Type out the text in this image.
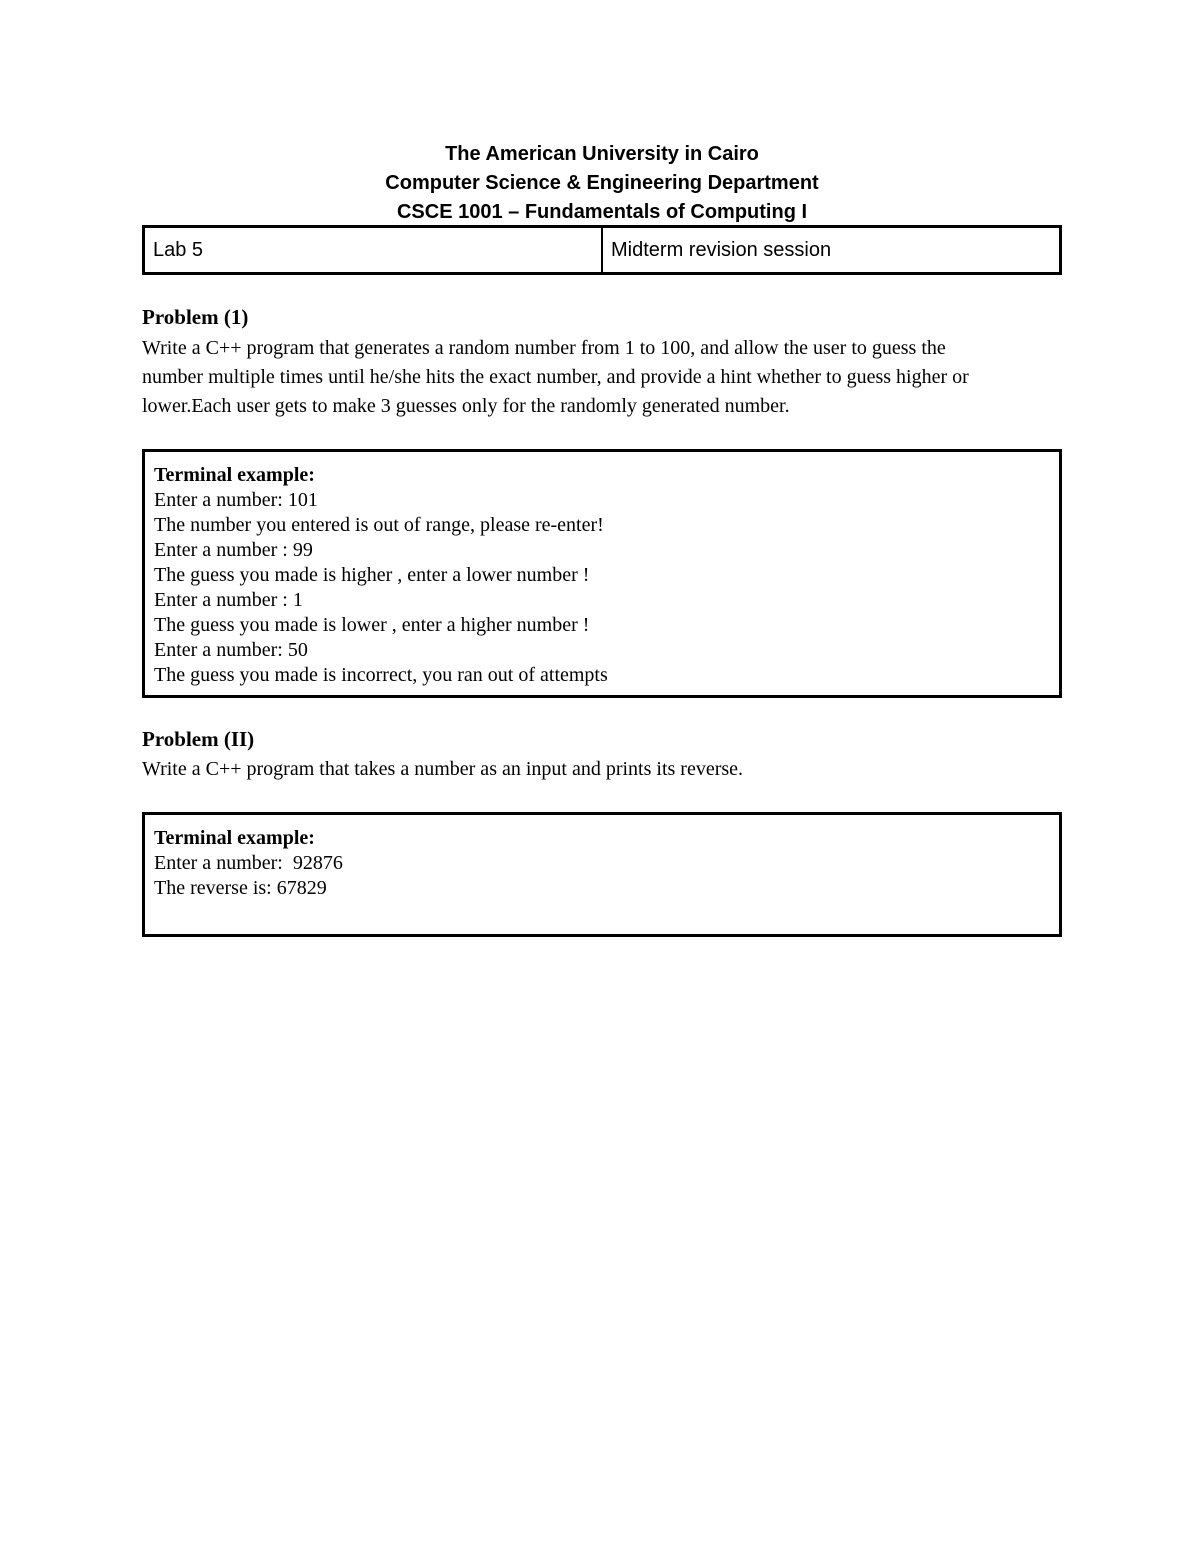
The American University in Cairo
Computer Science & Engineering Department
CSCE 1001 – Fundamentals of Computing I
Lab 5	Midterm revision session
Problem (1)
Write a C++ program that generates a random number from 1 to 100, and allow the user to guess the
number multiple times until he/she hits the exact number, and provide a hint whether to guess higher or
lower.Each user gets to make 3 guesses only for the randomly generated number.
Terminal example:
Enter a number: 101
The number you entered is out of range, please re-enter!
Enter a number : 99
The guess you made is higher , enter a lower number !
Enter a number : 1
The guess you made is lower , enter a higher number !
Enter a number: 50
The guess you made is incorrect, you ran out of attempts
Problem (II)
Write a C++ program that takes a number as an input and prints its reverse.
Terminal example:
Enter a number:  92876
The reverse is: 67829
